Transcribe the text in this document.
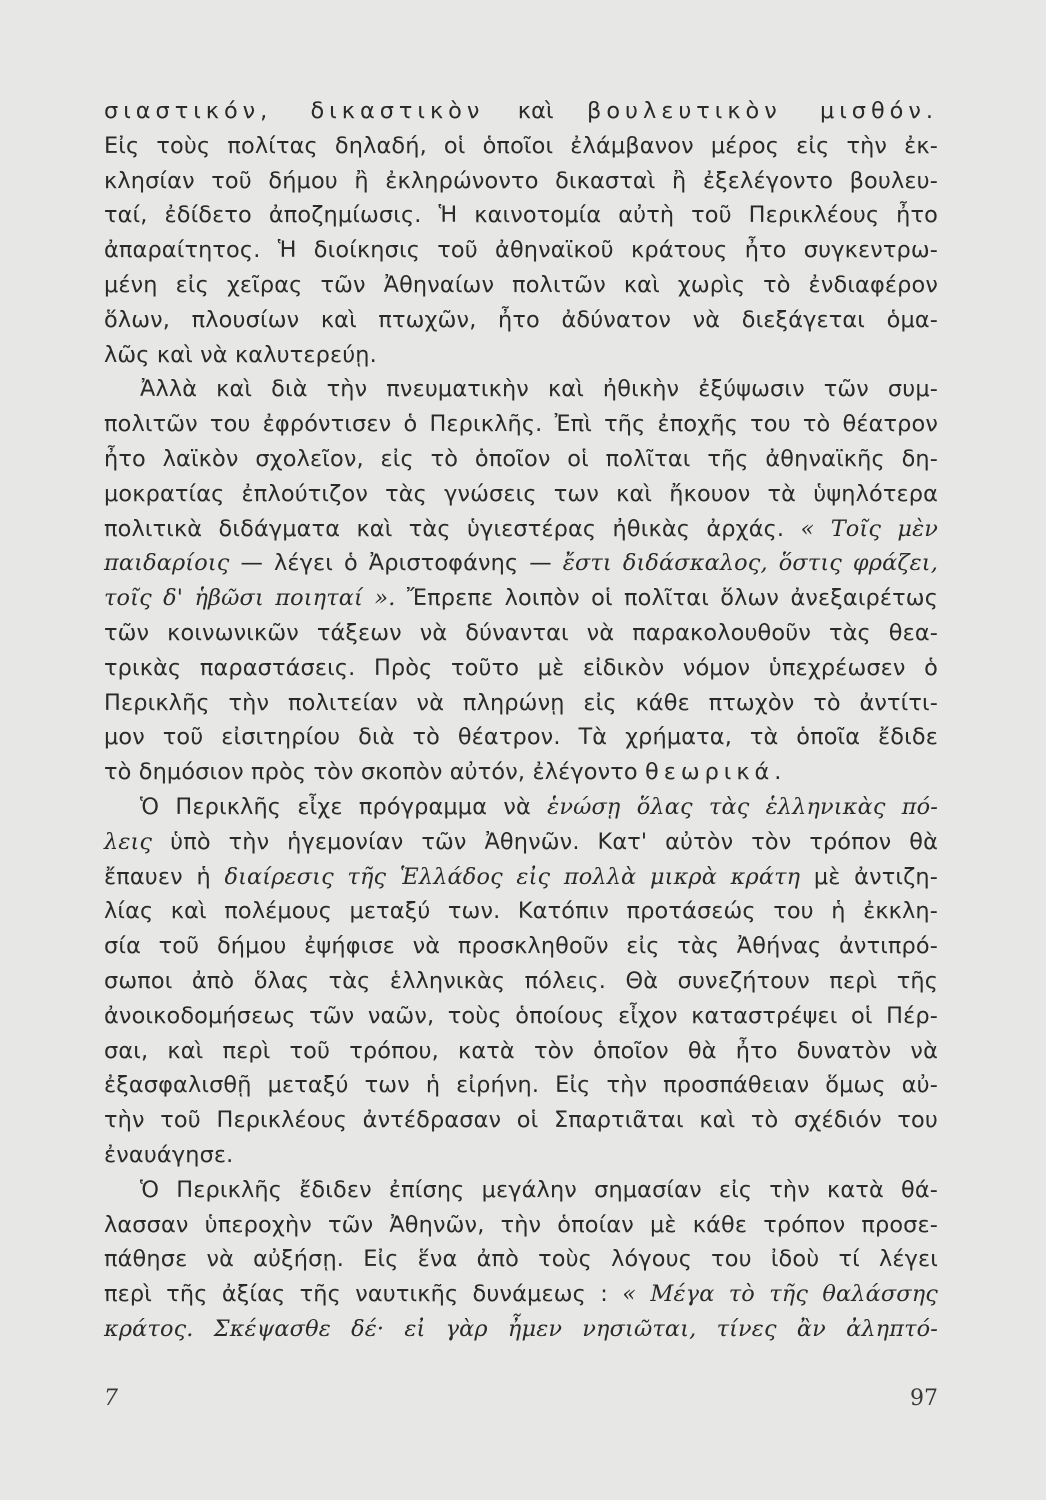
σιαστικόν, δικαστικὸν καὶ βουλευτικὸν μισθόν.
Εἰς τοὺς πολίτας δηλαδή, οἱ ὁποῖοι ἐλάμβανον μέρος εἰς τὴν ἐκ-
κλησίαν τοῦ δήμου ἢ ἐκληρώνοντο δικασταὶ ἢ ἐξελέγοντο βουλευ-
ταί, ἐδίδετο ἀποζημίωσις. Ἡ καινοτομία αὐτὴ τοῦ Περικλέους ἦτο
ἀπαραίτητος. Ἡ διοίκησις τοῦ ἀθηναϊκοῦ κράτους ἦτο συγκεντρω-
μένη εἰς χεῖρας τῶν Ἀθηναίων πολιτῶν καὶ χωρὶς τὸ ἐνδιαφέρον
ὅλων, πλουσίων καὶ πτωχῶν, ἦτο ἀδύνατον νὰ διεξάγεται ὁμα-
λῶς καὶ νὰ καλυτερεύῃ.
Ἀλλὰ καὶ διὰ τὴν πνευματικὴν καὶ ἠθικὴν ἐξύψωσιν τῶν συμ-
πολιτῶν του ἐφρόντισεν ὁ Περικλῆς. Ἐπὶ τῆς ἐποχῆς του τὸ θέατρον
ἦτο λαϊκὸν σχολεῖον, εἰς τὸ ὁποῖον οἱ πολῖται τῆς ἀθηναϊκῆς δη-
μοκρατίας ἐπλούτιζον τὰς γνώσεις των καὶ ἤκουον τὰ ὑψηλότερα
πολιτικὰ διδάγματα καὶ τὰς ὑγιεστέρας ἠθικὰς ἀρχάς. « Τοῖς μὲν
παιδαρίοις — λέγει ὁ Ἀριστοφάνης — ἔστι διδάσκαλος, ὅστις φράζει,
τοῖς δ' ἡβῶσι ποιηταί ». Ἔπρεπε λοιπὸν οἱ πολῖται ὅλων ἀνεξαιρέτως
τῶν κοινωνικῶν τάξεων νὰ δύνανται νὰ παρακολουθοῦν τὰς θεα-
τρικὰς παραστάσεις. Πρὸς τοῦτο μὲ εἰδικὸν νόμον ὑπεχρέωσεν ὁ
Περικλῆς τὴν πολιτείαν νὰ πληρώνῃ εἰς κάθε πτωχὸν τὸ ἀντίτι-
μον τοῦ εἰσιτηρίου διὰ τὸ θέατρον. Τὰ χρήματα, τὰ ὁποῖα ἔδιδε
τὸ δημόσιον πρὸς τὸν σκοπὸν αὐτόν, ἐλέγοντο θεωρικά.
Ὁ Περικλῆς εἶχε πρόγραμμα νὰ ἑνώσῃ ὅλας τὰς ἑλληνικὰς πό-
λεις ὑπὸ τὴν ἡγεμονίαν τῶν Ἀθηνῶν. Κατ' αὐτὸν τὸν τρόπον θὰ
ἔπαυεν ἡ διαίρεσις τῆς Ἑλλάδος εἰς πολλὰ μικρὰ κράτη μὲ ἀντιζη-
λίας καὶ πολέμους μεταξύ των. Κατόπιν προτάσεώς του ἡ ἐκκλη-
σία τοῦ δήμου ἐψήφισε νὰ προσκληθοῦν εἰς τὰς Ἀθήνας ἀντιπρό-
σωποι ἀπὸ ὅλας τὰς ἑλληνικὰς πόλεις. Θὰ συνεζήτουν περὶ τῆς
ἀνοικοδομήσεως τῶν ναῶν, τοὺς ὁποίους εἶχον καταστρέψει οἱ Πέρ-
σαι, καὶ περὶ τοῦ τρόπου, κατὰ τὸν ὁποῖον θὰ ἦτο δυνατὸν νὰ
ἐξασφαλισθῇ μεταξύ των ἡ εἰρήνη. Εἰς τὴν προσπάθειαν ὅμως αὐ-
τὴν τοῦ Περικλέους ἀντέδρασαν οἱ Σπαρτιᾶται καὶ τὸ σχέδιόν του
ἐναυάγησε.
Ὁ Περικλῆς ἔδιδεν ἐπίσης μεγάλην σημασίαν εἰς τὴν κατὰ θά-
λασσαν ὑπεροχὴν τῶν Ἀθηνῶν, τὴν ὁποίαν μὲ κάθε τρόπον προσε-
πάθησε νὰ αὐξήσῃ. Εἰς ἕνα ἀπὸ τοὺς λόγους του ἰδοὺ τί λέγει
περὶ τῆς ἀξίας τῆς ναυτικῆς δυνάμεως : « Μέγα τὸ τῆς θαλάσσης
κράτος. Σκέψασθε δέ· εἰ γὰρ ἦμεν νησιῶται, τίνες ἂν ἀληπτό-
7	97
